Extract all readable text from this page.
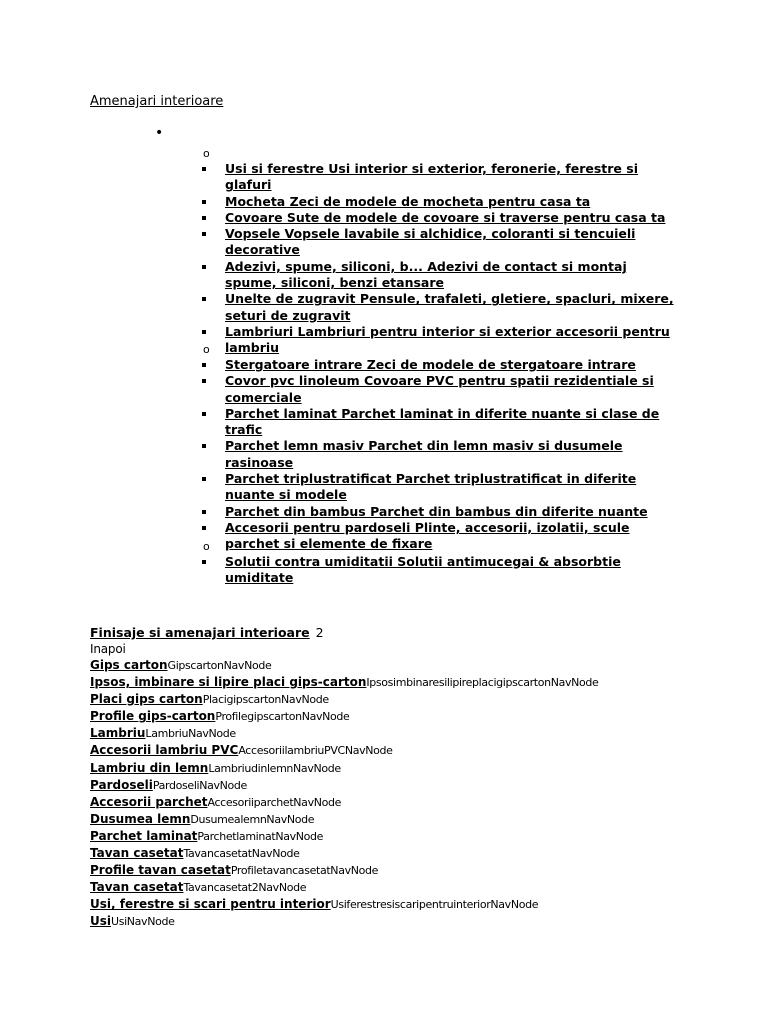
Amenajari interioare
•
o
Usi si ferestre Usi interior si exterior, feronerie, ferestre si glafuri
Mocheta Zeci de modele de mocheta pentru casa ta
Covoare Sute de modele de covoare si traverse pentru casa ta
Vopsele Vopsele lavabile si alchidice, coloranti si tencuieli decorative
Adezivi, spume, siliconi, b... Adezivi de contact si montaj spume, siliconi, benzi etansare
Unelte de zugravit Pensule, trafaleti, gletiere, spacluri, mixere, seturi de zugravit
Lambriuri Lambriuri pentru interior si exterior accesorii pentru lambriu
o
Stergatoare intrare Zeci de modele de stergatoare intrare
Covor pvc linoleum Covoare PVC pentru spatii rezidentiale si comerciale
Parchet laminat Parchet laminat in diferite nuante si clase de trafic
Parchet lemn masiv Parchet din lemn masiv si dusumele rasinoase
Parchet triplustratificat Parchet triplustratificat in diferite nuante si modele
Parchet din bambus Parchet din bambus din diferite nuante
Accesorii pentru pardoseli Plinte, accesorii, izolatii, scule parchet si elemente de fixare
o
Solutii contra umiditatii Solutii antimucegai & absorbtie umiditate
Finisaje si amenajari interioare 2
Inapoi
Gips cartonGipscartonNavNode
Ipsos, imbinare si lipire placi gips-cartonIpsosimbinaresilipireplacigipscartonNavNode
Placi gips cartonPlacigipscartonNavNode
Profile gips-cartonProfilegipscartonNavNode
LambriuLambriuNavNode
Accesorii lambriu PVCAccesoriilambriuPVCNavNode
Lambriu din lemnLambriudinlemnNavNode
PardoseliPardoseliNavNode
Accesorii parchetAccesoriiparchetNavNode
Dusumea lemnDusumealemnNavNode
Parchet laminatParchetlaminatNavNode
Tavan casetatTavancasetatNavNode
Profile tavan casetatProfiletavancasetatNavNode
Tavan casetatTavancasetat2NavNode
Usi, ferestre si scari pentru interiorUsiferestresiscaripentruinteriorNavNode
UsiUsiNavNode
